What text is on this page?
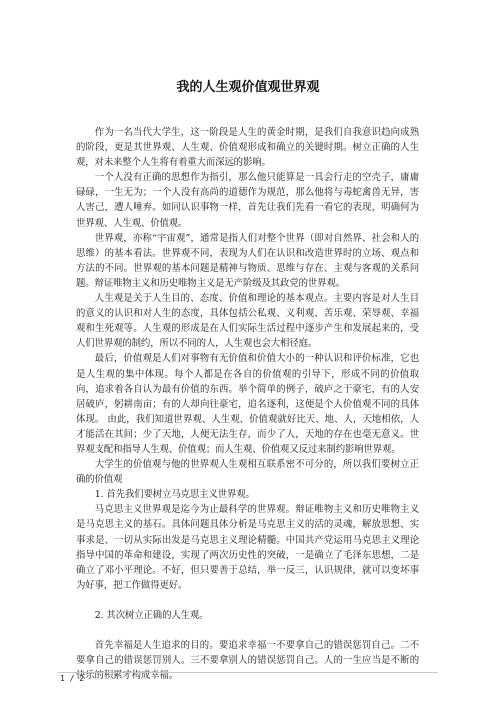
我的人生观价值观世界观

作为一名当代大学生，这一阶段是人生的黄金时期，是我们自我意识趋向成熟的阶段，更是其世界观、人生观、价值观形成和确立的关键时期。树立正确的人生观，对未来整个人生将有着重大而深远的影响。

一个人没有正确的思想作为指引，那么他只能算是一具会行走的空壳子，庸庸碌碌，一生无为；一个人没有高尚的道德作为规范，那么他将与毒蛇禽兽无异，害人害己，遭人唾弃。如同认识事物一样，首先让我们先看一看它的表现，明确何为世界观、人生观、价值观。

世界观，亦称“宇宙观”，通常是指人们对整个世界（即对自然界、社会和人的思维）的基本看法。世界观不同，表现为人们在认识和改造世界时的立场、观点和方法的不同。世界观的基本问题是精神与物质、思维与存在、主观与客观的关系问题。辩证唯物主义和历史唯物主义是无产阶级及其政党的世界观。

人生观是关于人生目的、态度、价值和理论的基本观点。主要内容是对人生目的意义的认识和对人生的态度，具体包括公私观、义利观、苦乐观、荣辱观、幸福观和生死观等。人生观的形成是在人们实际生活过程中逐步产生和发展起来的，受人们世界观的制约，所以不同的人，人生观也会大相径庭。

最后，价值观是人们对事物有无价值和价值大小的一种认识和评价标准，它也是人生观的集中体现。每个人都是在各自的价值观的引导下，形成不同的价值取向，追求着各自认为最有价值的东西。举个简单的例子，破庐之于豪宅，有的人安居破庐，躬耕南亩；有的人却向往豪宅，追名逐利，这便是个人价值观不同的具体体现。 由此，我们知道世界观、人生观、价值观就好比天、地、人，天地相依，人才能活在其间；少了天地，人便无法生存，而少了人，天地的存在也毫无意义。世界观支配和指导人生观、价值观；而人生观、价值观又反过来制约影响世界观。

大学生的价值观与他的世界观人生观相互联系密不可分的，所以我们要树立正确的价值观

1. 首先我们要树立马克思主义世界观。

马克思主义世界观是迄今为止最科学的世界观。辩证唯物主义和历史唯物主义是马克思主义的基石。具体问题具体分析是马克思主义的活的灵魂，解放思想、实事求是、一切从实际出发是马克思主义理论精髓。中国共产党运用马克思主义理论指导中国的革命和建设，实现了两次历史性的突破，一是确立了毛泽东思想，二是确立了邓小平理论。不好，但只要善于总结，举一反三，认识规律，就可以变坏事为好事，把工作做得更好。

2. 其次树立正确的人生观。

首先幸福是人生追求的目的。要追求幸福一不要拿自己的错误惩罚自己。二不要拿自己的错误惩罚别人。三不要拿别人的错误惩罚自己。人的一生应当是不断的快乐的积累才构成幸福。

1 / 2
